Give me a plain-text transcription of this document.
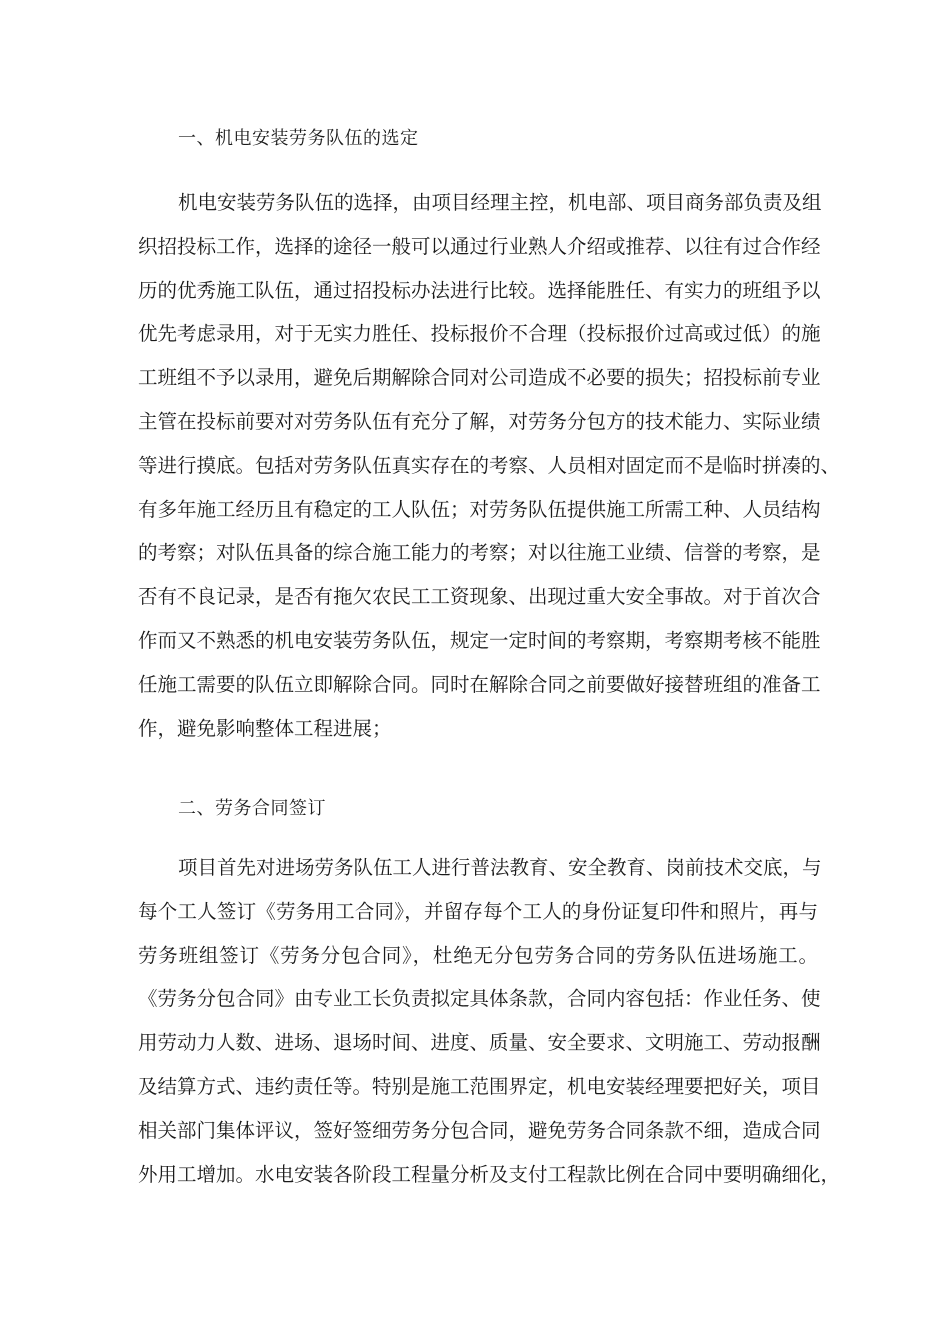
一、机电安装劳务队伍的选定
机电安装劳务队伍的选择，由项目经理主控，机电部、项目商务部负责及组
织招投标工作，选择的途径一般可以通过行业熟人介绍或推荐、以往有过合作经
历的优秀施工队伍，通过招投标办法进行比较。选择能胜任、有实力的班组予以
优先考虑录用，对于无实力胜任、投标报价不合理（投标报价过高或过低）的施
工班组不予以录用，避免后期解除合同对公司造成不必要的损失；招投标前专业
主管在投标前要对对劳务队伍有充分了解，对劳务分包方的技术能力、实际业绩
等进行摸底。包括对劳务队伍真实存在的考察、人员相对固定而不是临时拼凑的、
有多年施工经历且有稳定的工人队伍；对劳务队伍提供施工所需工种、人员结构
的考察；对队伍具备的综合施工能力的考察；对以往施工业绩、信誉的考察，是
否有不良记录，是否有拖欠农民工工资现象、出现过重大安全事故。对于首次合
作而又不熟悉的机电安装劳务队伍，规定一定时间的考察期，考察期考核不能胜
任施工需要的队伍立即解除合同。同时在解除合同之前要做好接替班组的准备工
作，避免影响整体工程进展；
二、劳务合同签订
项目首先对进场劳务队伍工人进行普法教育、安全教育、岗前技术交底，与
每个工人签订《劳务用工合同》，并留存每个工人的身份证复印件和照片，再与
劳务班组签订《劳务分包合同》，杜绝无分包劳务合同的劳务队伍进场施工。
《劳务分包合同》由专业工长负责拟定具体条款，合同内容包括：作业任务、使
用劳动力人数、进场、退场时间、进度、质量、安全要求、文明施工、劳动报酬
及结算方式、违约责任等。特别是施工范围界定，机电安装经理要把好关，项目
相关部门集体评议，签好签细劳务分包合同，避免劳务合同条款不细，造成合同
外用工增加。水电安装各阶段工程量分析及支付工程款比例在合同中要明确细化，
